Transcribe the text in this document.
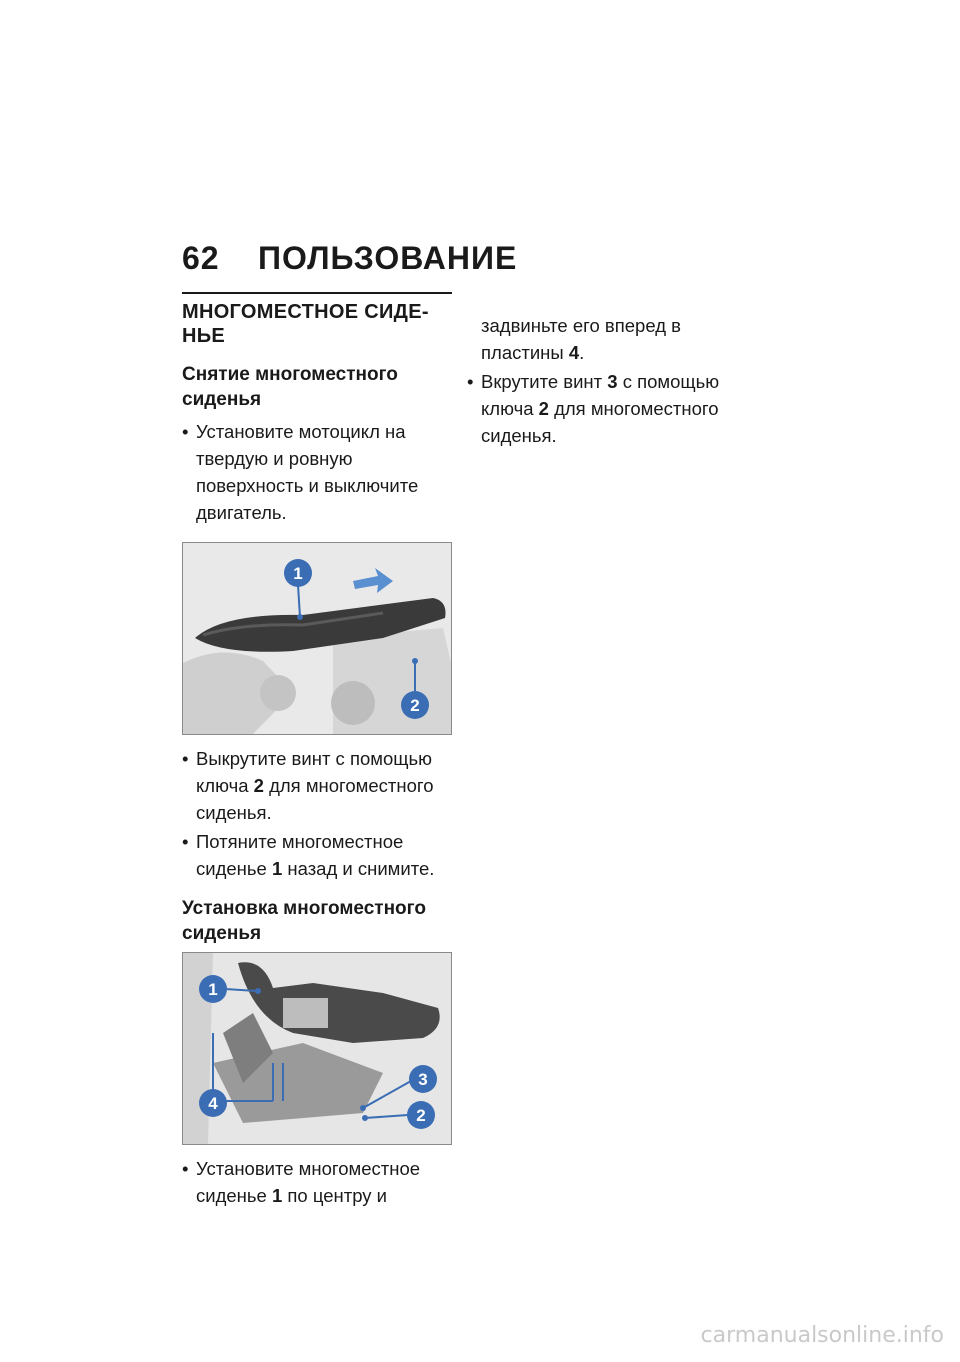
62 ПОЛЬЗОВАНИЕ
МНОГОМЕСТНОЕ СИДЕ-НЬЕ
Снятие многоместного сиденья

• Установите мотоцикл на твердую и ровную поверхность и выключите двигатель.

1
2

• Выкрутите винт с помощью ключа 2 для многоместного сиденья.

• Потяните многоместное сиденье 1 назад и снимите.

Установка многоместного сиденья
1
4
3
2

• Установите многоместное сиденье 1 по центру и

задвиньте его вперед в пластины 4.

• Вкрутите винт 3 с помощью ключа 2 для многоместного сиденья.

carmanualsonline.info
